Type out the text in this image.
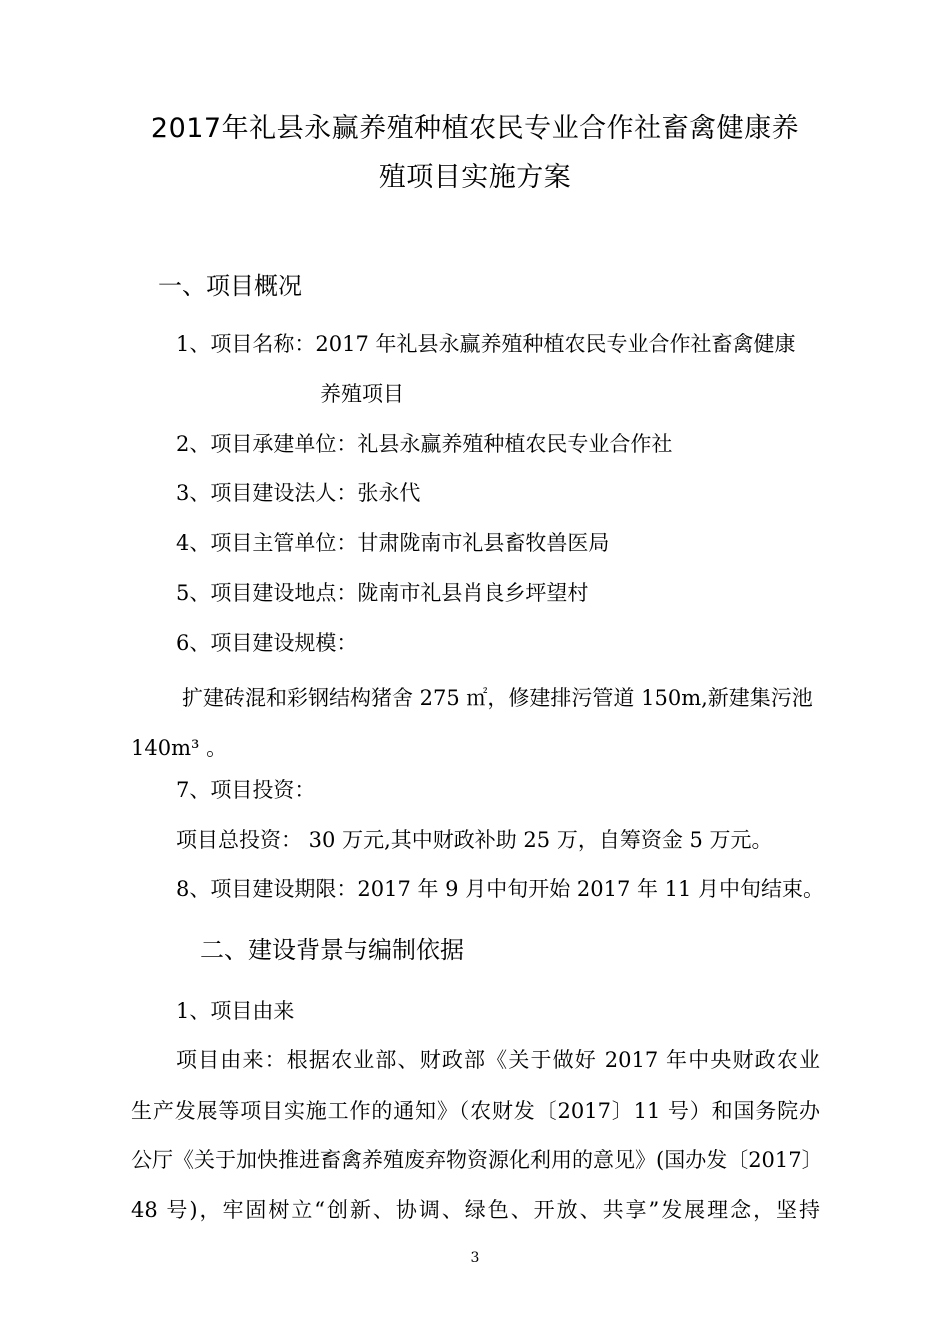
2017年礼县永赢养殖种植农民专业合作社畜禽健康养
殖项目实施方案
一、项目概况
1、项目名称：2017 年礼县永赢养殖种植农民专业合作社畜禽健康
养殖项目
2、项目承建单位：礼县永赢养殖种植农民专业合作社
3、项目建设法人：张永代
4、项目主管单位：甘肃陇南市礼县畜牧兽医局
5、项目建设地点：陇南市礼县肖良乡坪望村
6、项目建设规模：
扩建砖混和彩钢结构猪舍 275 ㎡，修建排污管道 150m,新建集污池
140m³ 。
7、项目投资：
项目总投资： 30 万元,其中财政补助 25 万，自筹资金 5 万元。
8、项目建设期限：2017 年 9 月中旬开始 2017 年 11 月中旬结束。
二、建设背景与编制依据
1、项目由来
项目由来：根据农业部、财政部《关于做好 2017 年中央财政农业
生产发展等项目实施工作的通知》（农财发〔2017〕11 号）和国务院办
公厅《关于加快推进畜禽养殖废弃物资源化利用的意见》(国办发〔2017〕
48 号)，牢固树立“创新、协调、绿色、开放、共享”发展理念，坚持
3
